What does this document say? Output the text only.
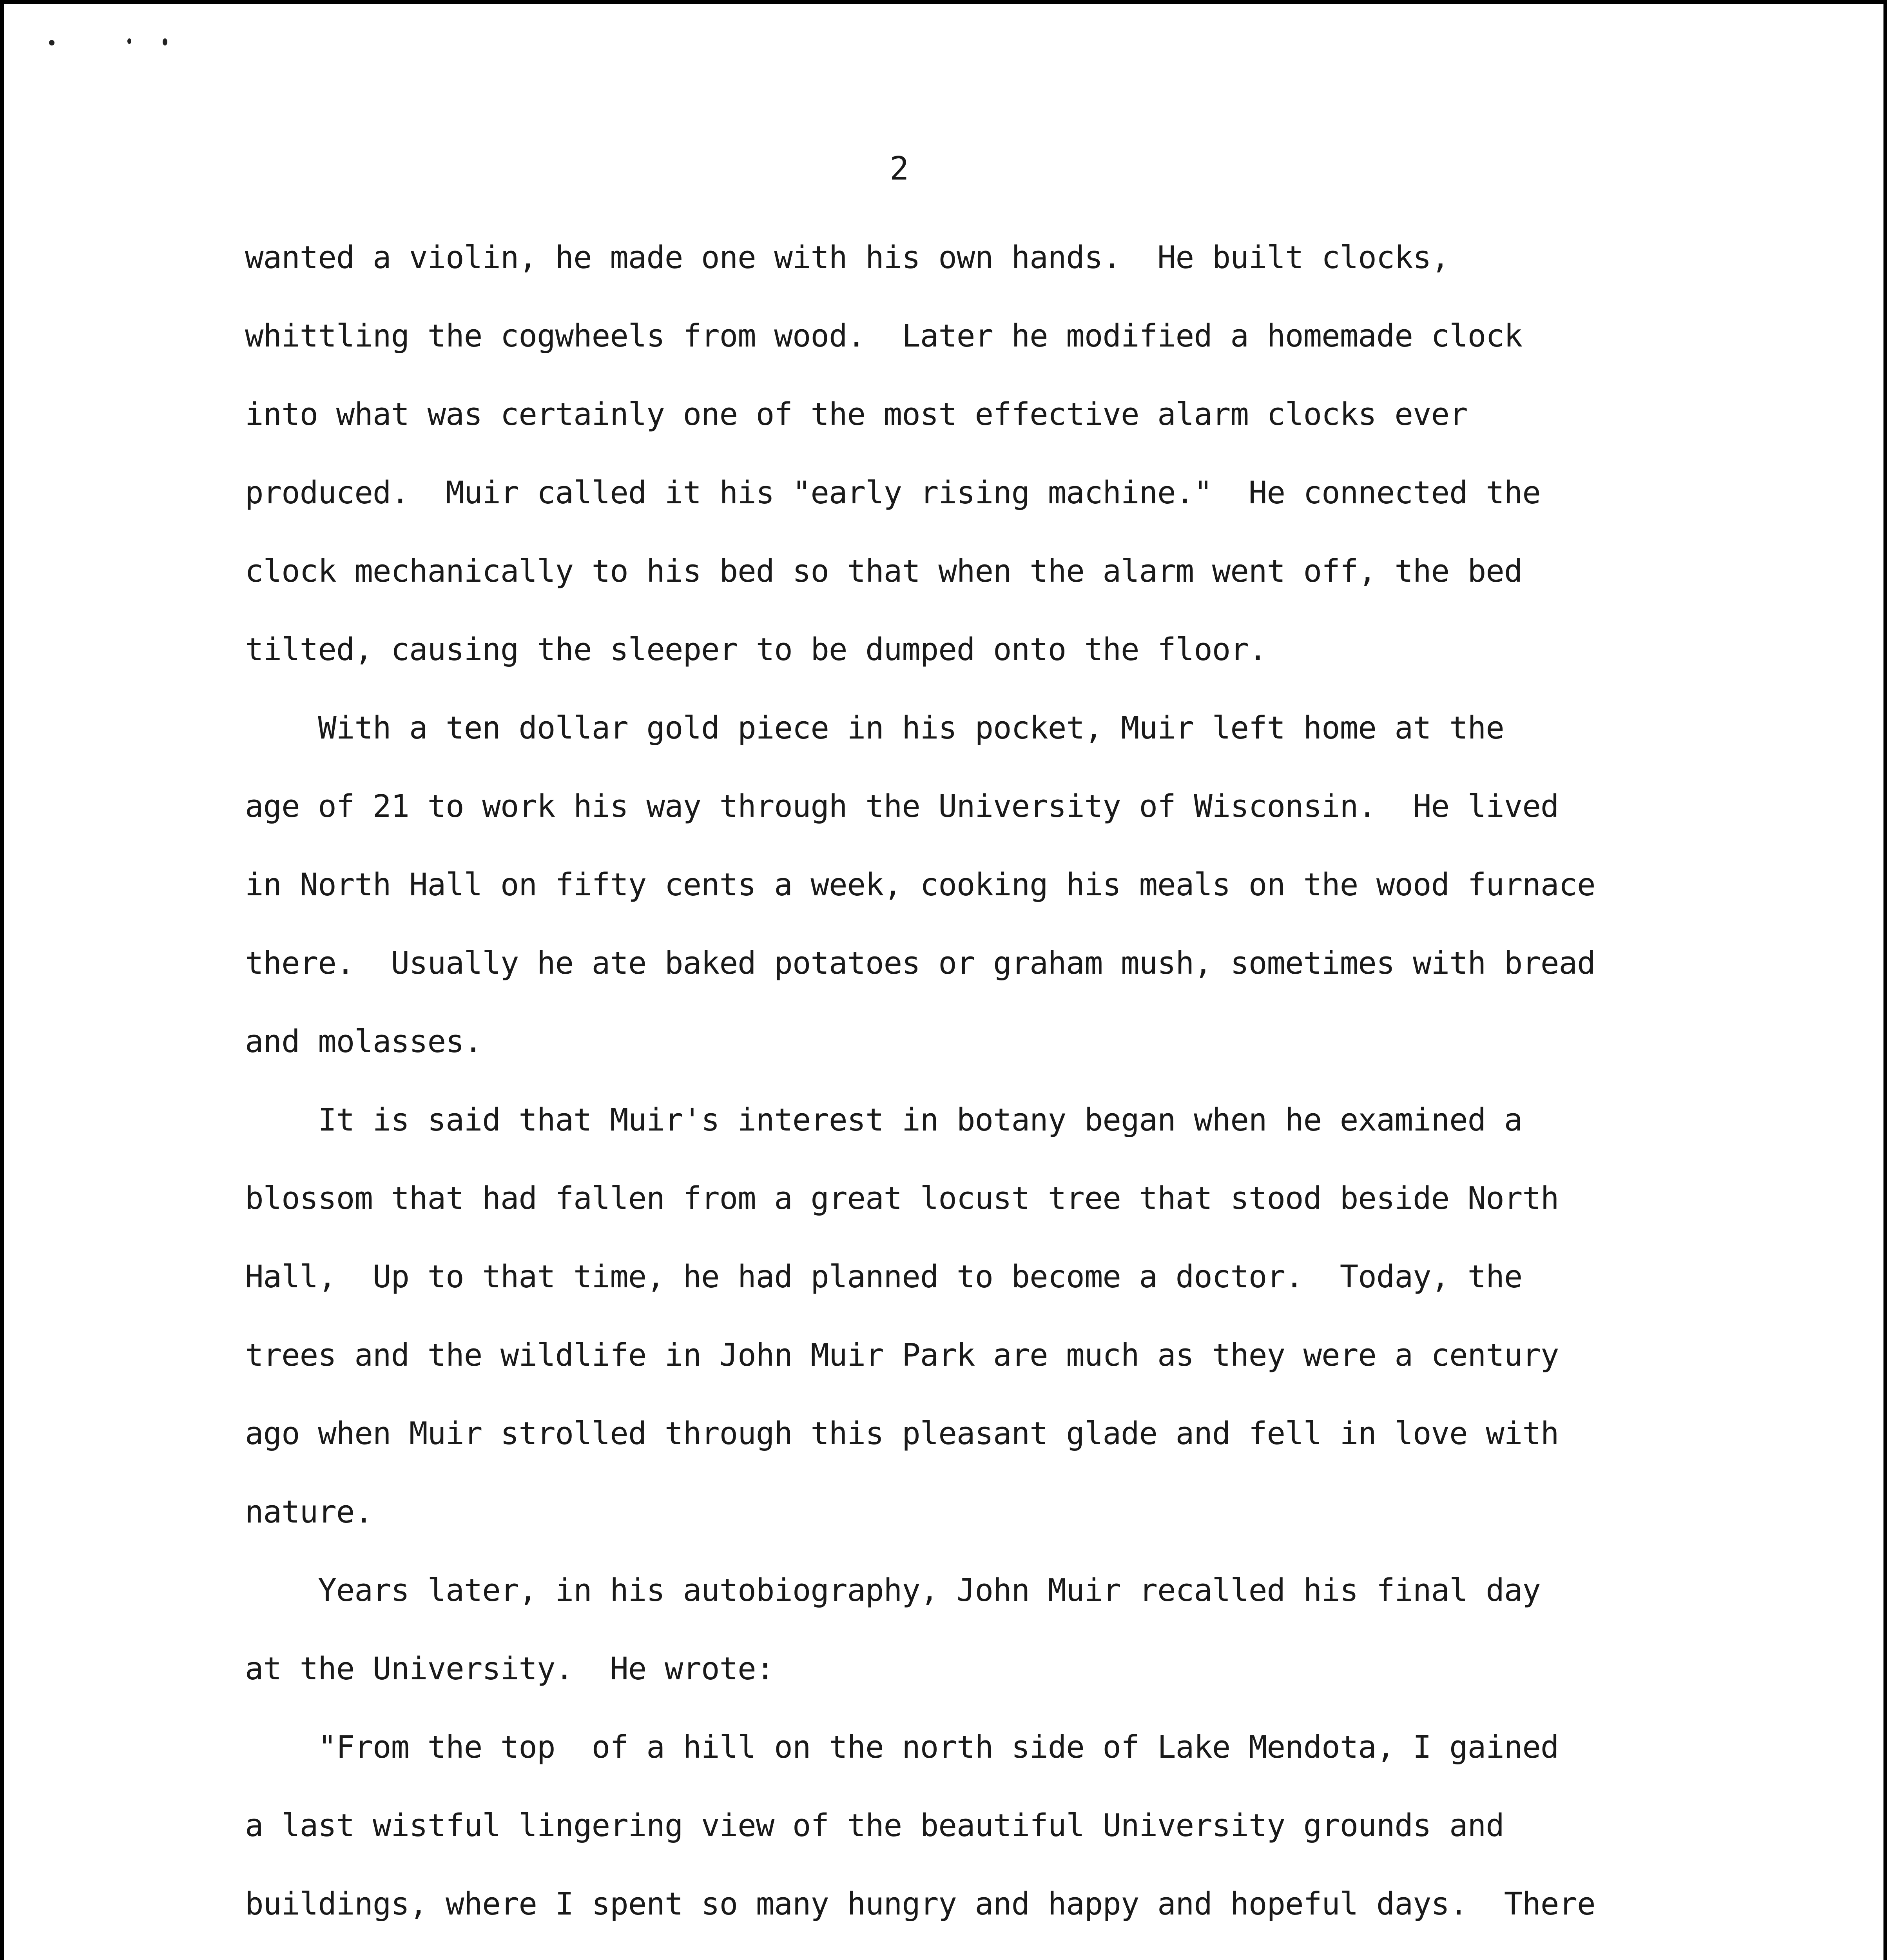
2

wanted a violin, he made one with his own hands.  He built clocks,

whittling the cogwheels from wood.  Later he modified a homemade clock

into what was certainly one of the most effective alarm clocks ever

produced.  Muir called it his "early rising machine."  He connected the

clock mechanically to his bed so that when the alarm went off, the bed

tilted, causing the sleeper to be dumped onto the floor.

With a ten dollar gold piece in his pocket, Muir left home at the

age of 21 to work his way through the University of Wisconsin.  He lived

in North Hall on fifty cents a week, cooking his meals on the wood furnace

there.  Usually he ate baked potatoes or graham mush, sometimes with bread

and molasses.

It is said that Muir's interest in botany began when he examined a

blossom that had fallen from a great locust tree that stood beside North

Hall,  Up to that time, he had planned to become a doctor.  Today, the

trees and the wildlife in John Muir Park are much as they were a century

ago when Muir strolled through this pleasant glade and fell in love with

nature.

Years later, in his autobiography, John Muir recalled his final day

at the University.  He wrote:

"From the top  of a hill on the north side of Lake Mendota, I gained

a last wistful lingering view of the beautiful University grounds and

buildings, where I spent so many hungry and happy and hopeful days.  There
